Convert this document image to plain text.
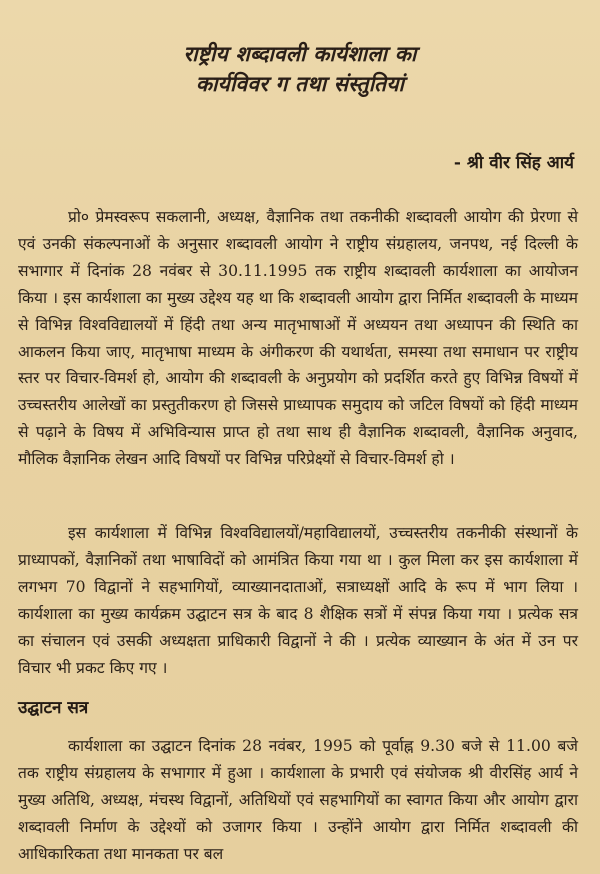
राष्ट्रीय शब्दावली कार्यशाला का
कार्यविवर ग तथा संस्तुतियां
- श्री वीर सिंह आर्य

प्रो० प्रेमस्वरूप सकलानी, अध्यक्ष, वैज्ञानिक तथा तकनीकी शब्दावली आयोग की प्रेरणा से एवं उनकी संकल्पनाओं के अनुसार शब्दावली आयोग ने राष्ट्रीय संग्रहालय, जनपथ, नई दिल्ली के सभागार में दिनांक 28 नवंबर से 30.11.1995 तक राष्ट्रीय शब्दावली कार्यशाला का आयोजन किया । इस कार्यशाला का मुख्य उद्देश्य यह था कि शब्दावली आयोग द्वारा निर्मित शब्दावली के माध्यम से विभिन्न विश्वविद्यालयों में हिंदी तथा अन्य मातृभाषाओं में अध्ययन तथा अध्यापन की स्थिति का आकलन किया जाए, मातृभाषा माध्यम के अंगीकरण की यथार्थता, समस्या तथा समाधान पर राष्ट्रीय स्तर पर विचार-विमर्श हो, आयोग की शब्दावली के अनुप्रयोग को प्रदर्शित करते हुए विभिन्न विषयों में उच्चस्तरीय आलेखों का प्रस्तुतीकरण हो जिससे प्राध्यापक समुदाय को जटिल विषयों को हिंदी माध्यम से पढ़ाने के विषय में अभिविन्यास प्राप्त हो तथा साथ ही वैज्ञानिक शब्दावली, वैज्ञानिक अनुवाद, मौलिक वैज्ञानिक लेखन आदि विषयों पर विभिन्न परिप्रेक्ष्यों से विचार-विमर्श हो ।

इस कार्यशाला में विभिन्न विश्वविद्यालयों/महाविद्यालयों, उच्चस्तरीय तकनीकी संस्थानों के प्राध्यापकों, वैज्ञानिकों तथा भाषाविदों को आमंत्रित किया गया था । कुल मिला कर इस कार्यशाला में लगभग 70 विद्वानों ने सहभागियों, व्याख्यानदाताओं, सत्राध्यक्षों आदि के रूप में भाग लिया । कार्यशाला का मुख्य कार्यक्रम उद्घाटन सत्र के बाद 8 शैक्षिक सत्रों में संपन्न किया गया । प्रत्येक सत्र का संचालन एवं उसकी अध्यक्षता प्राधिकारी विद्वानों ने की । प्रत्येक व्याख्यान के अंत में उन पर विचार भी प्रकट किए गए ।

उद्घाटन सत्र

कार्यशाला का उद्घाटन दिनांक 28 नवंबर, 1995 को पूर्वाह्न 9.30 बजे से 11.00 बजे तक राष्ट्रीय संग्रहालय के सभागार में हुआ । कार्यशाला के प्रभारी एवं संयोजक श्री वीरसिंह आर्य ने मुख्य अतिथि, अध्यक्ष, मंचस्थ विद्वानों, अतिथियों एवं सहभागियों का स्वागत किया और आयोग द्वारा शब्दावली निर्माण के उद्देश्यों को उजागर किया । उन्होंने आयोग द्वारा निर्मित शब्दावली की आधिकारिकता तथा मानकता पर बल
